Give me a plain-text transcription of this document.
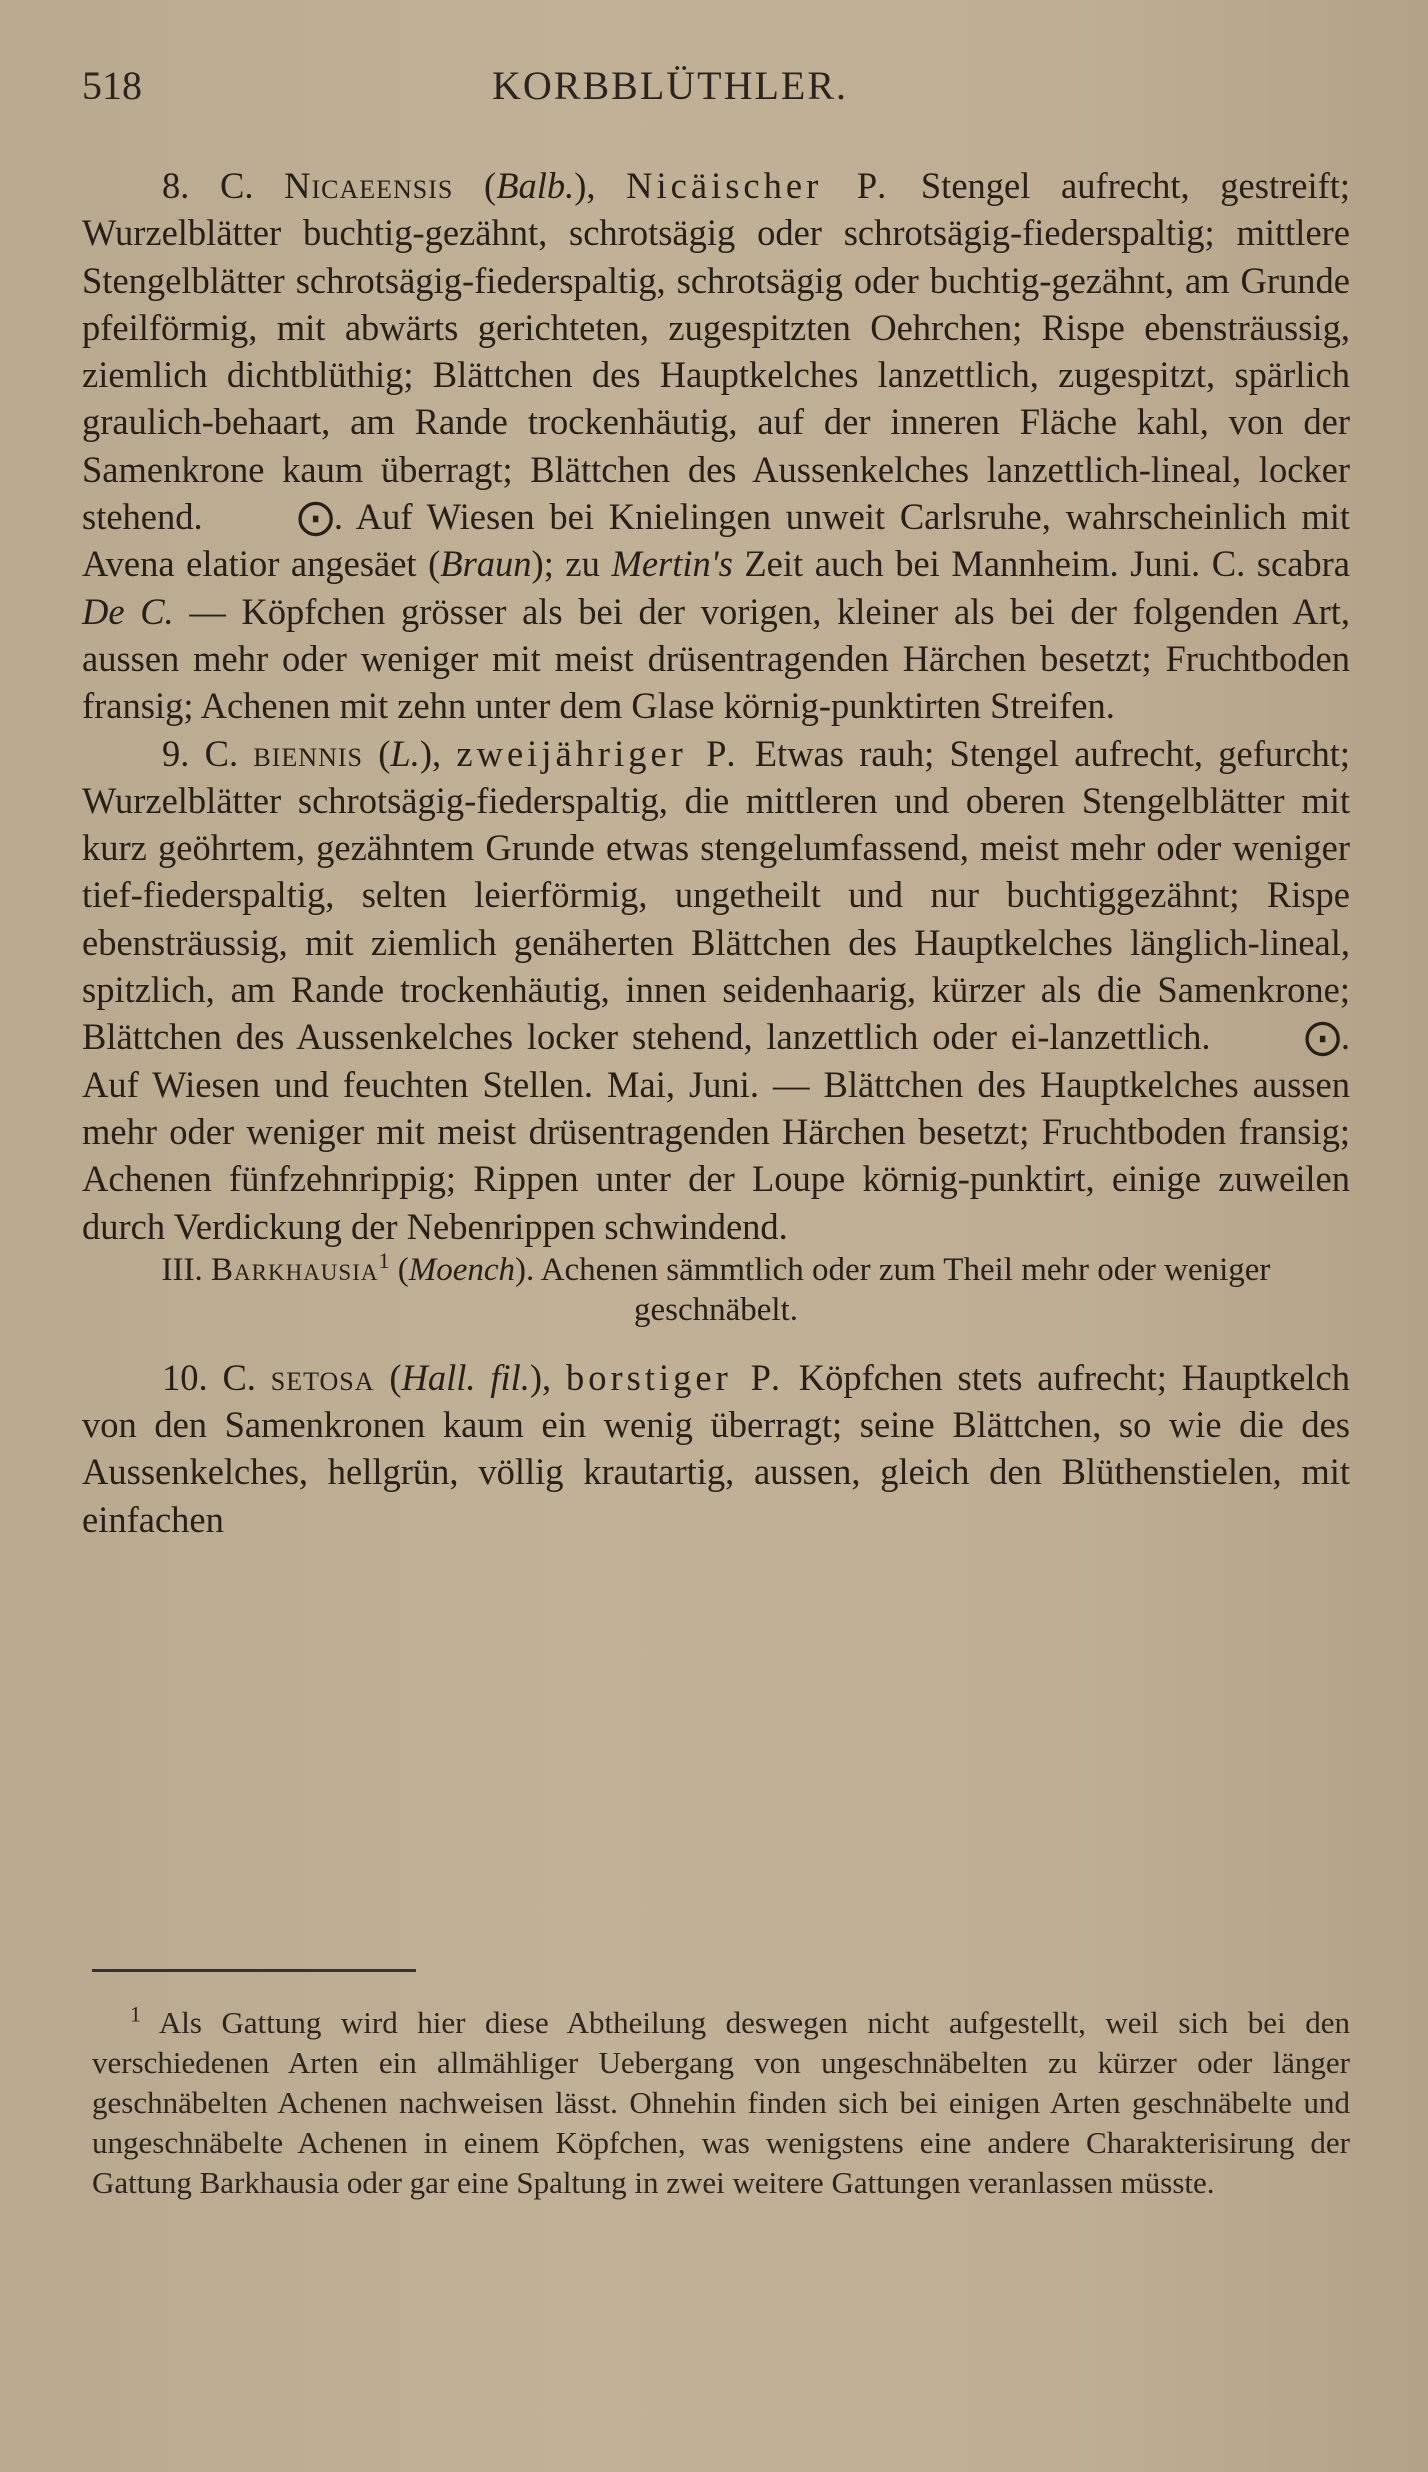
518	KORBBLÜTHLER.

8. C. Nicaeensis (Balb.), Nicäischer P. Stengel aufrecht, gestreift; Wurzelblätter buchtig-gezähnt, schrotsägig oder schrotsägig-fiederspaltig; mittlere Stengelblätter schrotsägig-fiederspaltig, schrotsägig oder buchtig-gezähnt, am Grunde pfeilförmig, mit abwärts gerichteten, zugespitzten Oehrchen; Rispe ebensträussig, ziemlich dichtblüthig; Blättchen des Hauptkelches lanzettlich, zugespitzt, spärlich graulich-behaart, am Rande trockenhäutig, auf der inneren Fläche kahl, von der Samenkrone kaum überragt; Blättchen des Aussenkelches lanzettlich-lineal, locker stehend.	⨀. Auf Wiesen bei Knielingen unweit Carlsruhe, wahrscheinlich mit Avena elatior angesäet (Braun); zu Mertin's Zeit auch bei Mannheim. Juni. C. scabra De C. — Köpfchen grösser als bei der vorigen, kleiner als bei der folgenden Art, aussen mehr oder weniger mit meist drüsentragenden Härchen besetzt; Fruchtboden fransig; Achenen mit zehn unter dem Glase körnig-punktirten Streifen.

9. C. biennis (L.), zweijähriger P. Etwas rauh; Stengel aufrecht, gefurcht; Wurzelblätter schrotsägig-fiederspaltig, die mittleren und oberen Stengelblätter mit kurz geöhrtem, gezähntem Grunde etwas stengelumfassend, meist mehr oder weniger tief-fiederspaltig, selten leierförmig, ungetheilt und nur buchtiggezähnt; Rispe ebensträussig, mit ziemlich genäherten Blättchen des Hauptkelches länglich-lineal, spitzlich, am Rande trockenhäutig, innen seidenhaarig, kürzer als die Samenkrone; Blättchen des Aussenkelches locker stehend, lanzettlich oder ei-lanzettlich.	⨀. Auf Wiesen und feuchten Stellen. Mai, Juni. — Blättchen des Hauptkelches aussen mehr oder weniger mit meist drüsentragenden Härchen besetzt; Fruchtboden fransig; Achenen fünfzehnrippig; Rippen unter der Loupe körnig-punktirt, einige zuweilen durch Verdickung der Nebenrippen schwindend.

III. Barkhausia$^1$ (Moench). Achenen sämmtlich oder zum Theil mehr oder weniger geschnäbelt.

10. C. setosa (Hall. fil.), borstiger P. Köpfchen stets aufrecht; Hauptkelch von den Samenkronen kaum ein wenig überragt; seine Blättchen, so wie die des Aussenkelches, hellgrün, völlig krautartig, aussen, gleich den Blüthenstielen, mit einfachen

$^1$ Als Gattung wird hier diese Abtheilung deswegen nicht aufgestellt, weil sich bei den verschiedenen Arten ein allmähliger Uebergang von ungeschnäbelten zu kürzer oder länger geschnäbelten Achenen nachweisen lässt. Ohnehin finden sich bei einigen Arten geschnäbelte und ungeschnäbelte Achenen in einem Köpfchen, was wenigstens eine andere Charakterisirung der Gattung Barkhausia oder gar eine Spaltung in zwei weitere Gattungen veranlassen müsste.
